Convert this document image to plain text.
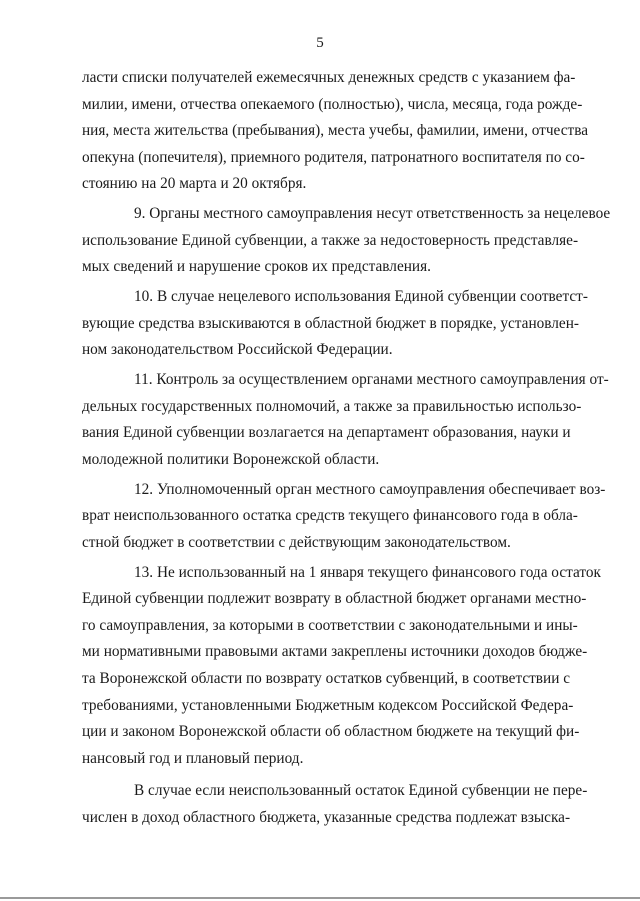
5
ласти списки получателей ежемесячных денежных средств с указанием фа-
милии, имени, отчества опекаемого (полностью), числа, месяца, года рожде-
ния, места жительства (пребывания), места учебы, фамилии, имени, отчества
опекуна (попечителя), приемного родителя, патронатного воспитателя по со-
стоянию на 20 марта и 20 октября.
9. Органы местного самоуправления несут ответственность за нецелевое
использование Единой субвенции, а также за недостоверность представляе-
мых сведений и нарушение сроков их представления.
10. В случае нецелевого использования Единой субвенции соответст-
вующие средства взыскиваются в областной бюджет в порядке, установлен-
ном законодательством Российской Федерации.
11. Контроль за осуществлением органами местного самоуправления от-
дельных государственных полномочий, а также за правильностью использо-
вания Единой субвенции возлагается на департамент образования, науки и
молодежной политики Воронежской области.
12. Уполномоченный орган местного самоуправления обеспечивает воз-
врат неиспользованного остатка средств текущего финансового года в обла-
стной бюджет в соответствии с действующим законодательством.
13. Не использованный на 1 января текущего финансового года остаток
Единой субвенции подлежит возврату в областной бюджет органами местно-
го самоуправления, за которыми в соответствии с законодательными и ины-
ми нормативными правовыми актами закреплены источники доходов бюдже-
та Воронежской области по возврату остатков субвенций, в соответствии с
требованиями, установленными Бюджетным кодексом Российской Федера-
ции и законом Воронежской области об областном бюджете на текущий фи-
нансовый год и плановый период.
В случае если неиспользованный остаток Единой субвенции не пере-
числен в доход областного бюджета, указанные средства подлежат взыска-
